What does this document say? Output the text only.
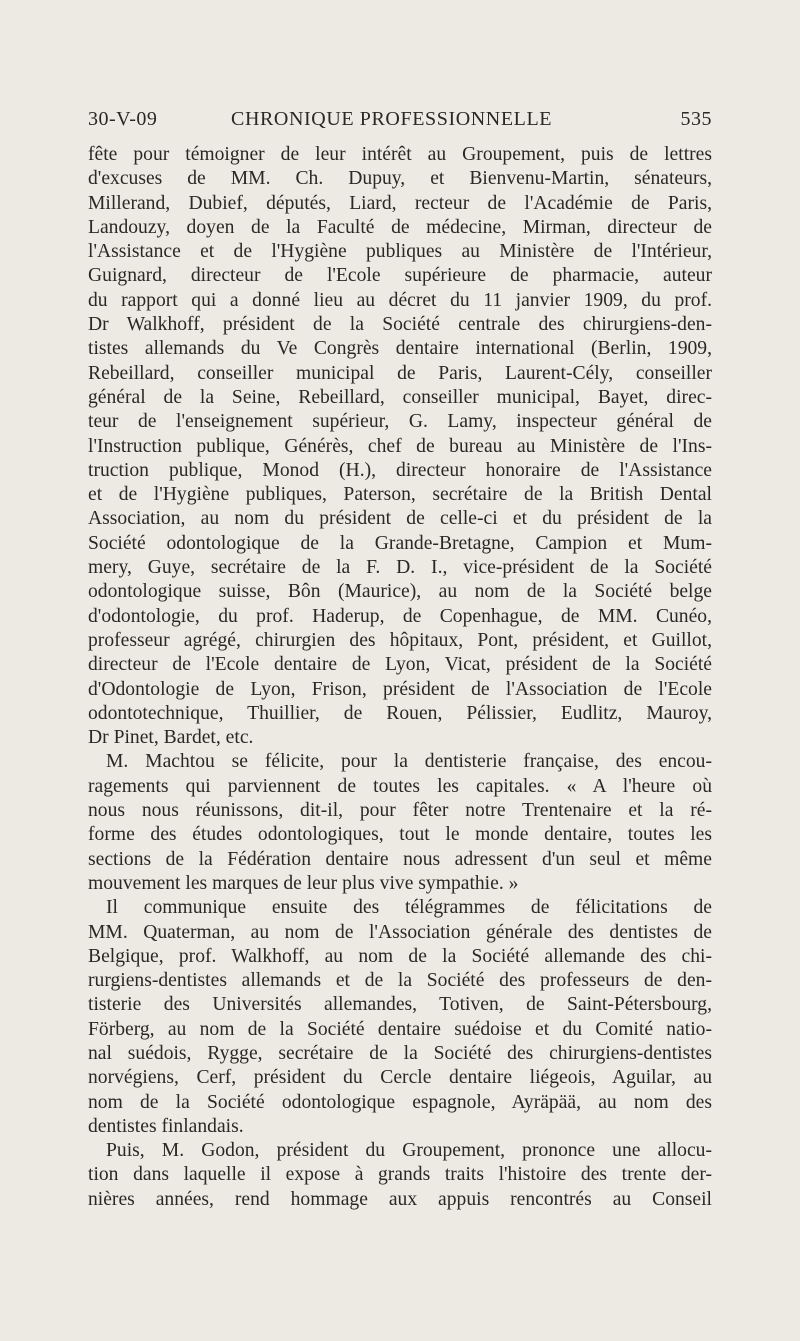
30-V-09	CHRONIQUE PROFESSIONNELLE	535
fête pour témoigner de leur intérêt au Groupement, puis de lettres
d'excuses de MM. Ch. Dupuy, et Bienvenu-Martin, sénateurs,
Millerand, Dubief, députés, Liard, recteur de l'Académie de Paris,
Landouzy, doyen de la Faculté de médecine, Mirman, directeur de
l'Assistance et de l'Hygiène publiques au Ministère de l'Intérieur,
Guignard, directeur de l'Ecole supérieure de pharmacie, auteur
du rapport qui a donné lieu au décret du 11 janvier 1909, du prof.
Dr Walkhoff, président de la Société centrale des chirurgiens-den-
tistes allemands du Ve Congrès dentaire international (Berlin, 1909,
Rebeillard, conseiller municipal de Paris, Laurent-Cély, conseiller
général de la Seine, Rebeillard, conseiller municipal, Bayet, direc-
teur de l'enseignement supérieur, G. Lamy, inspecteur général de
l'Instruction publique, Générès, chef de bureau au Ministère de l'Ins-
truction publique, Monod (H.), directeur honoraire de l'Assistance
et de l'Hygiène publiques, Paterson, secrétaire de la British Dental
Association, au nom du président de celle-ci et du président de la
Société odontologique de la Grande-Bretagne, Campion et Mum-
mery, Guye, secrétaire de la F. D. I., vice-président de la Société
odontologique suisse, Bôn (Maurice), au nom de la Société belge
d'odontologie, du prof. Haderup, de Copenhague, de MM. Cunéo,
professeur agrégé, chirurgien des hôpitaux, Pont, président, et Guillot,
directeur de l'Ecole dentaire de Lyon, Vicat, président de la Société
d'Odontologie de Lyon, Frison, président de l'Association de l'Ecole
odontotechnique, Thuillier, de Rouen, Pélissier, Eudlitz, Mauroy,
Dr Pinet, Bardet, etc.
M. Machtou se félicite, pour la dentisterie française, des encou-
ragements qui parviennent de toutes les capitales. « A l'heure où
nous nous réunissons, dit-il, pour fêter notre Trentenaire et la ré-
forme des études odontologiques, tout le monde dentaire, toutes les
sections de la Fédération dentaire nous adressent d'un seul et même
mouvement les marques de leur plus vive sympathie. »
Il communique ensuite des télégrammes de félicitations de
MM. Quaterman, au nom de l'Association générale des dentistes de
Belgique, prof. Walkhoff, au nom de la Société allemande des chi-
rurgiens-dentistes allemands et de la Société des professeurs de den-
tisterie des Universités allemandes, Totiven, de Saint-Pétersbourg,
Förberg, au nom de la Société dentaire suédoise et du Comité natio-
nal suédois, Rygge, secrétaire de la Société des chirurgiens-dentistes
norvégiens, Cerf, président du Cercle dentaire liégeois, Aguilar, au
nom de la Société odontologique espagnole, Ayräpää, au nom des
dentistes finlandais.
Puis, M. Godon, président du Groupement, prononce une allocu-
tion dans laquelle il expose à grands traits l'histoire des trente der-
nières années, rend hommage aux appuis rencontrés au Conseil
